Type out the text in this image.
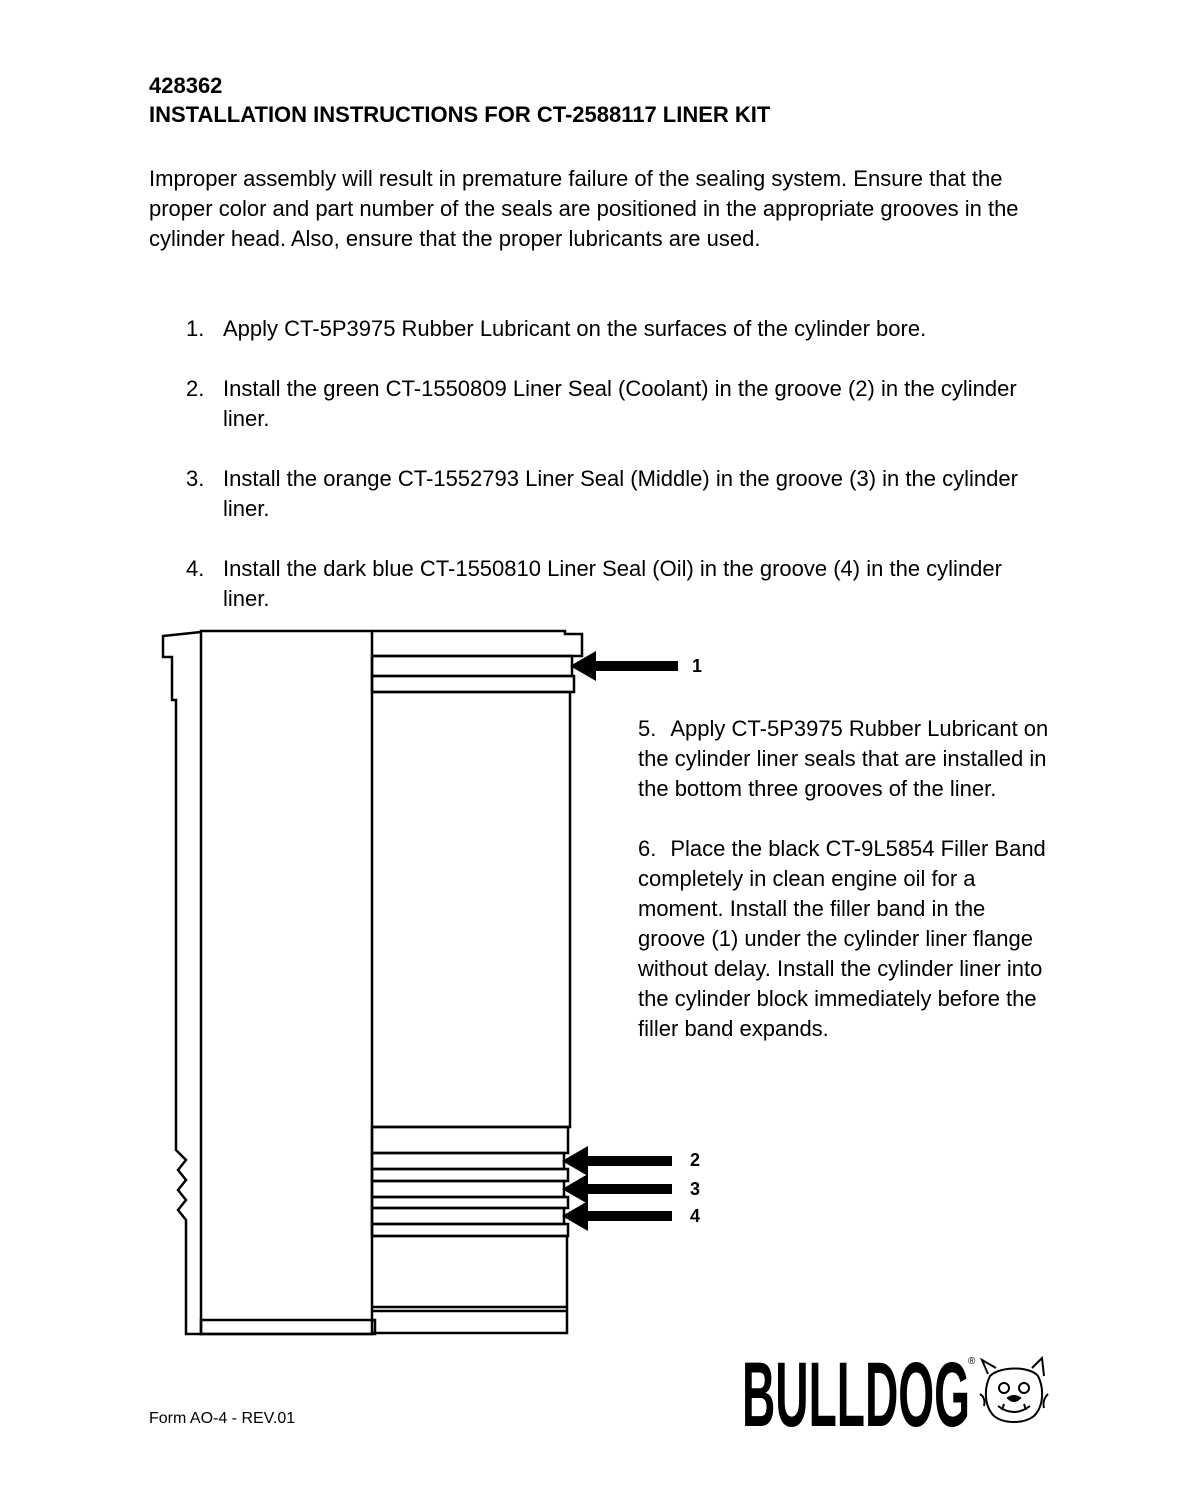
428362
INSTALLATION INSTRUCTIONS FOR CT-2588117 LINER KIT
Improper assembly will result in premature failure of the sealing system. Ensure that the proper color and part number of the seals are positioned in the appropriate grooves in the cylinder head. Also, ensure that the proper lubricants are used.
1. Apply CT-5P3975 Rubber Lubricant on the surfaces of the cylinder bore.
2. Install the green CT-1550809 Liner Seal (Coolant) in the groove (2) in the cylinder liner.
3. Install the orange CT-1552793 Liner Seal (Middle) in the groove (3) in the cylinder liner.
4. Install the dark blue CT-1550810 Liner Seal (Oil) in the groove (4) in the cylinder liner.
1
2
3
4

5. Apply CT-5P3975 Rubber Lubricant on the cylinder liner seals that are installed in the bottom three grooves of the liner.

6. Place the black CT-9L5854 Filler Band completely in clean engine oil for a moment. Install the filler band in the groove (1) under the cylinder liner flange without delay. Install the cylinder liner into the cylinder block immediately before the filler band expands.

Form AO-4 - REV.01	BULLDOG
®
